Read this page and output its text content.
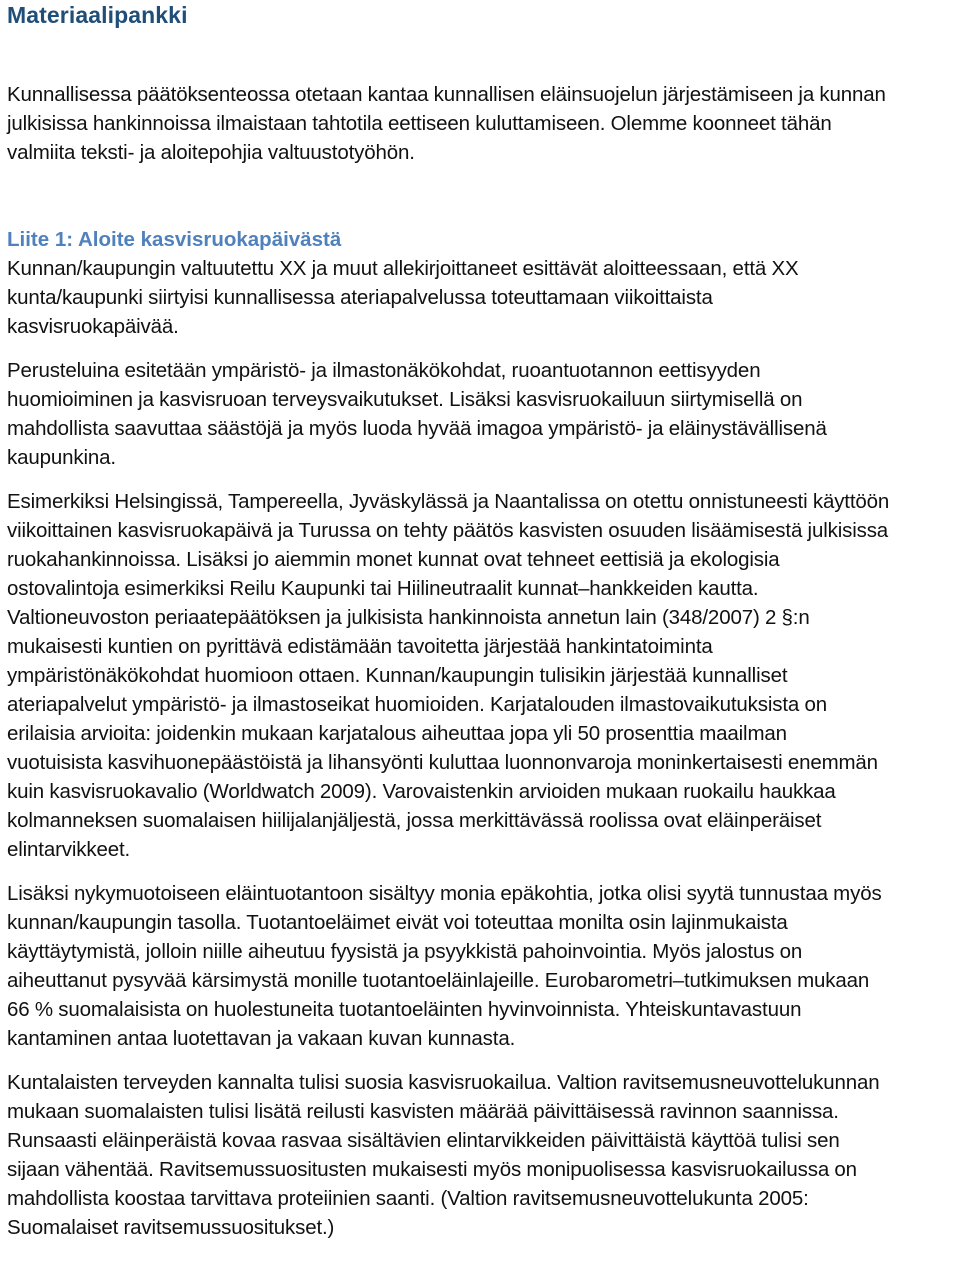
Materiaalipankki

Kunnallisessa päätöksenteossa otetaan kantaa kunnallisen eläinsuojelun järjestämiseen ja kunnan
julkisissa hankinnoissa ilmaistaan tahtotila eettiseen kuluttamiseen. Olemme koonneet tähän
valmiita teksti- ja aloitepohjia valtuustotyöhön.

Liite 1: Aloite kasvisruokapäivästä

Kunnan/kaupungin valtuutettu XX ja muut allekirjoittaneet esittävät aloitteessaan, että XX
kunta/kaupunki siirtyisi kunnallisessa ateriapalvelussa toteuttamaan viikoittaista
kasvisruokapäivää.

Perusteluina esitetään ympäristö- ja ilmastonäkökohdat, ruoantuotannon eettisyyden
huomioiminen ja kasvisruoan terveysvaikutukset. Lisäksi kasvisruokailuun siirtymisellä on
mahdollista saavuttaa säästöjä ja myös luoda hyvää imagoa ympäristö- ja eläinystävällisenä
kaupunkina.

Esimerkiksi Helsingissä, Tampereella, Jyväskylässä ja Naantalissa on otettu onnistuneesti käyttöön
viikoittainen kasvisruokapäivä ja Turussa on tehty päätös kasvisten osuuden lisäämisestä julkisissa
ruokahankinnoissa. Lisäksi jo aiemmin monet kunnat ovat tehneet eettisiä ja ekologisia
ostovalintoja esimerkiksi Reilu Kaupunki tai Hiilineutraalit kunnat–hankkeiden kautta.
Valtioneuvoston periaatepäätöksen ja julkisista hankinnoista annetun lain (348/2007) 2 §:n
mukaisesti kuntien on pyrittävä edistämään tavoitetta järjestää hankintatoiminta
ympäristönäkökohdat huomioon ottaen. Kunnan/kaupungin tulisikin järjestää kunnalliset
ateriapalvelut ympäristö- ja ilmastoseikat huomioiden. Karjatalouden ilmastovaikutuksista on
erilaisia arvioita: joidenkin mukaan karjatalous aiheuttaa jopa yli 50 prosenttia maailman
vuotuisista kasvihuonepäästöistä ja lihansyönti kuluttaa luonnonvaroja moninkertaisesti enemmän
kuin kasvisruokavalio (Worldwatch 2009). Varovaistenkin arvioiden mukaan ruokailu haukkaa
kolmanneksen suomalaisen hiilijalanjäljestä, jossa merkittävässä roolissa ovat eläinperäiset
elintarvikkeet.

Lisäksi nykymuotoiseen eläintuotantoon sisältyy monia epäkohtia, jotka olisi syytä tunnustaa myös
kunnan/kaupungin tasolla. Tuotantoeläimet eivät voi toteuttaa monilta osin lajinmukaista
käyttäytymistä, jolloin niille aiheutuu fyysistä ja psyykkistä pahoinvointia. Myös jalostus on
aiheuttanut pysyvää kärsimystä monille tuotantoeläinlajeille. Eurobarometri–tutkimuksen mukaan
66 % suomalaisista on huolestuneita tuotantoeläinten hyvinvoinnista. Yhteiskuntavastuun
kantaminen antaa luotettavan ja vakaan kuvan kunnasta.

Kuntalaisten terveyden kannalta tulisi suosia kasvisruokailua. Valtion ravitsemusneuvottelukunnan
mukaan suomalaisten tulisi lisätä reilusti kasvisten määrää päivittäisessä ravinnon saannissa.
Runsaasti eläinperäistä kovaa rasvaa sisältävien elintarvikkeiden päivittäistä käyttöä tulisi sen
sijaan vähentää. Ravitsemussuositusten mukaisesti myös monipuolisessa kasvisruokailussa on
mahdollista koostaa tarvittava proteiinien saanti. (Valtion ravitsemusneuvottelukunta 2005:
Suomalaiset ravitsemussuositukset.)
